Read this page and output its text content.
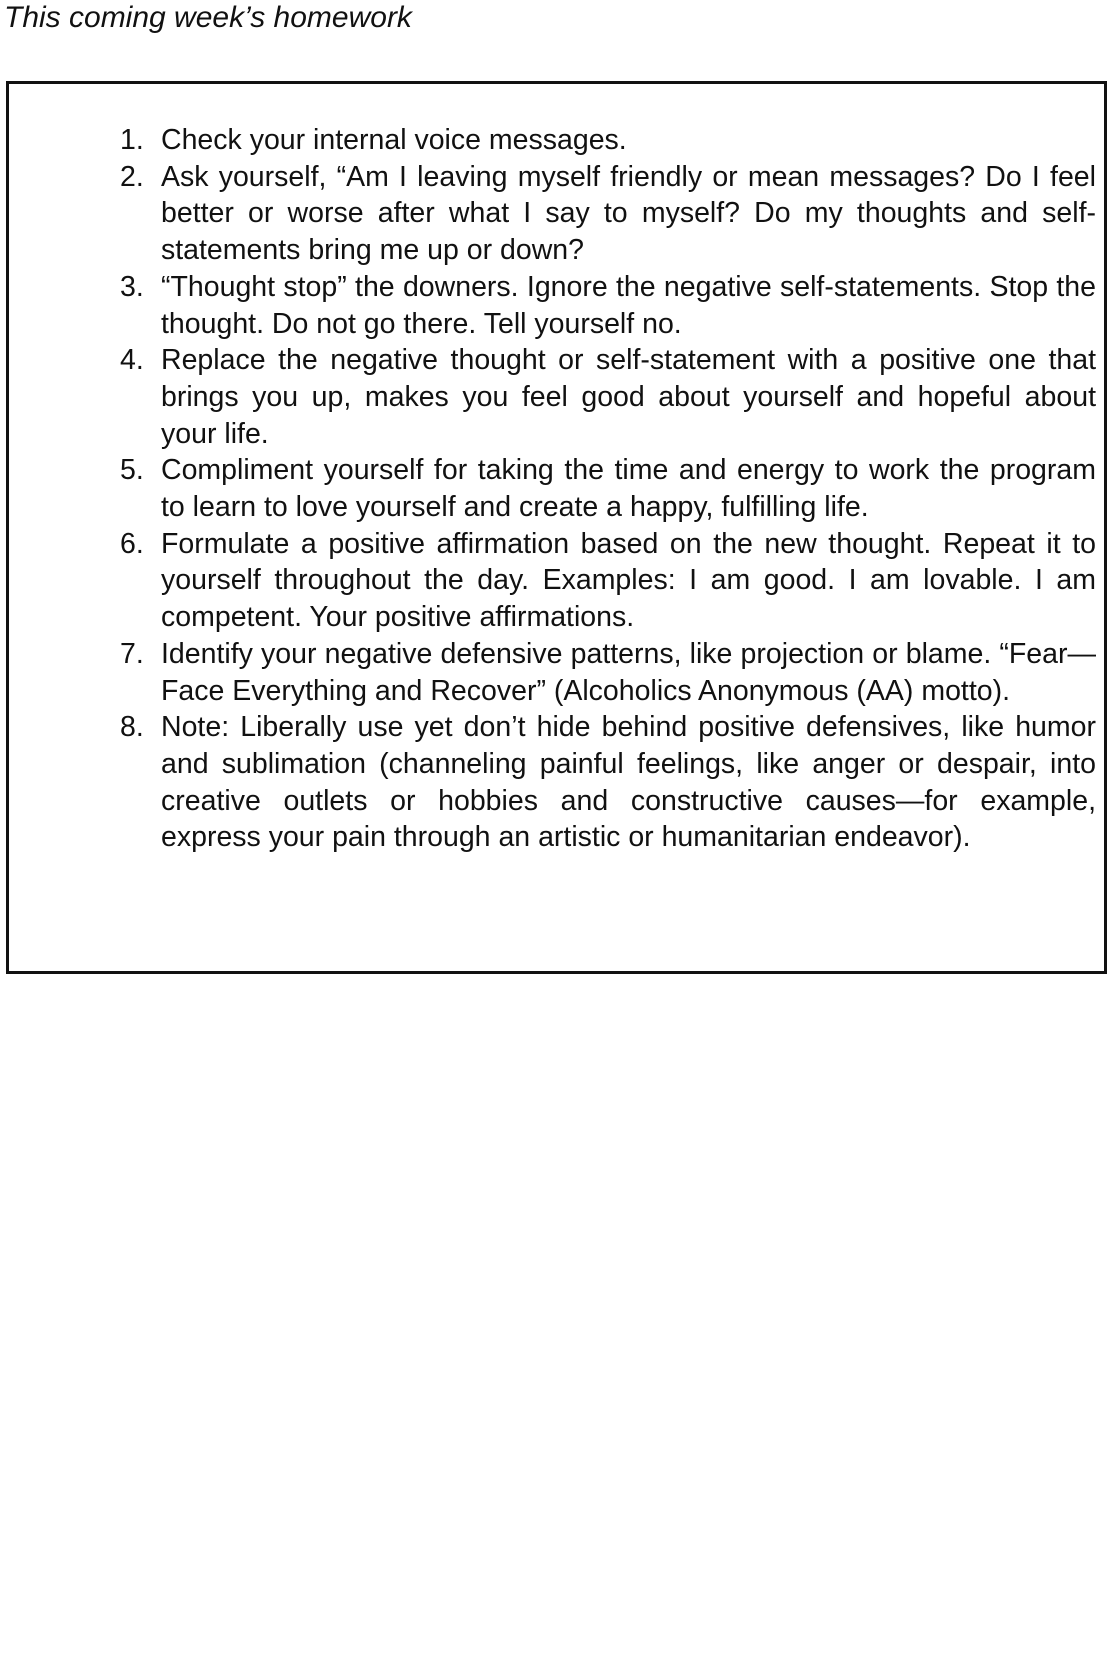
This coming week’s homework
1. Check your internal voice messages.
2. Ask yourself, “Am I leaving myself friendly or mean messages? Do I feel better or worse after what I say to myself? Do my thoughts and self-statements bring me up or down?
3. “Thought stop” the downers. Ignore the negative self-statements. Stop the thought. Do not go there. Tell yourself no.
4. Replace the negative thought or self-statement with a positive one that brings you up, makes you feel good about yourself and hopeful about your life.
5. Compliment yourself for taking the time and energy to work the program to learn to love yourself and create a happy, fulfilling life.
6. Formulate a positive affirmation based on the new thought. Repeat it to yourself throughout the day. Examples: I am good. I am lovable. I am competent. Your positive affirmations.
7. Identify your negative defensive patterns, like projection or blame. “Fear—Face Everything and Recover” (Alcoholics Anonymous (AA) motto).
8. Note: Liberally use yet don’t hide behind positive defensives, like humor and sublimation (channeling painful feelings, like anger or despair, into creative outlets or hobbies and constructive causes—for example, express your pain through an artistic or humanitarian endeavor).
